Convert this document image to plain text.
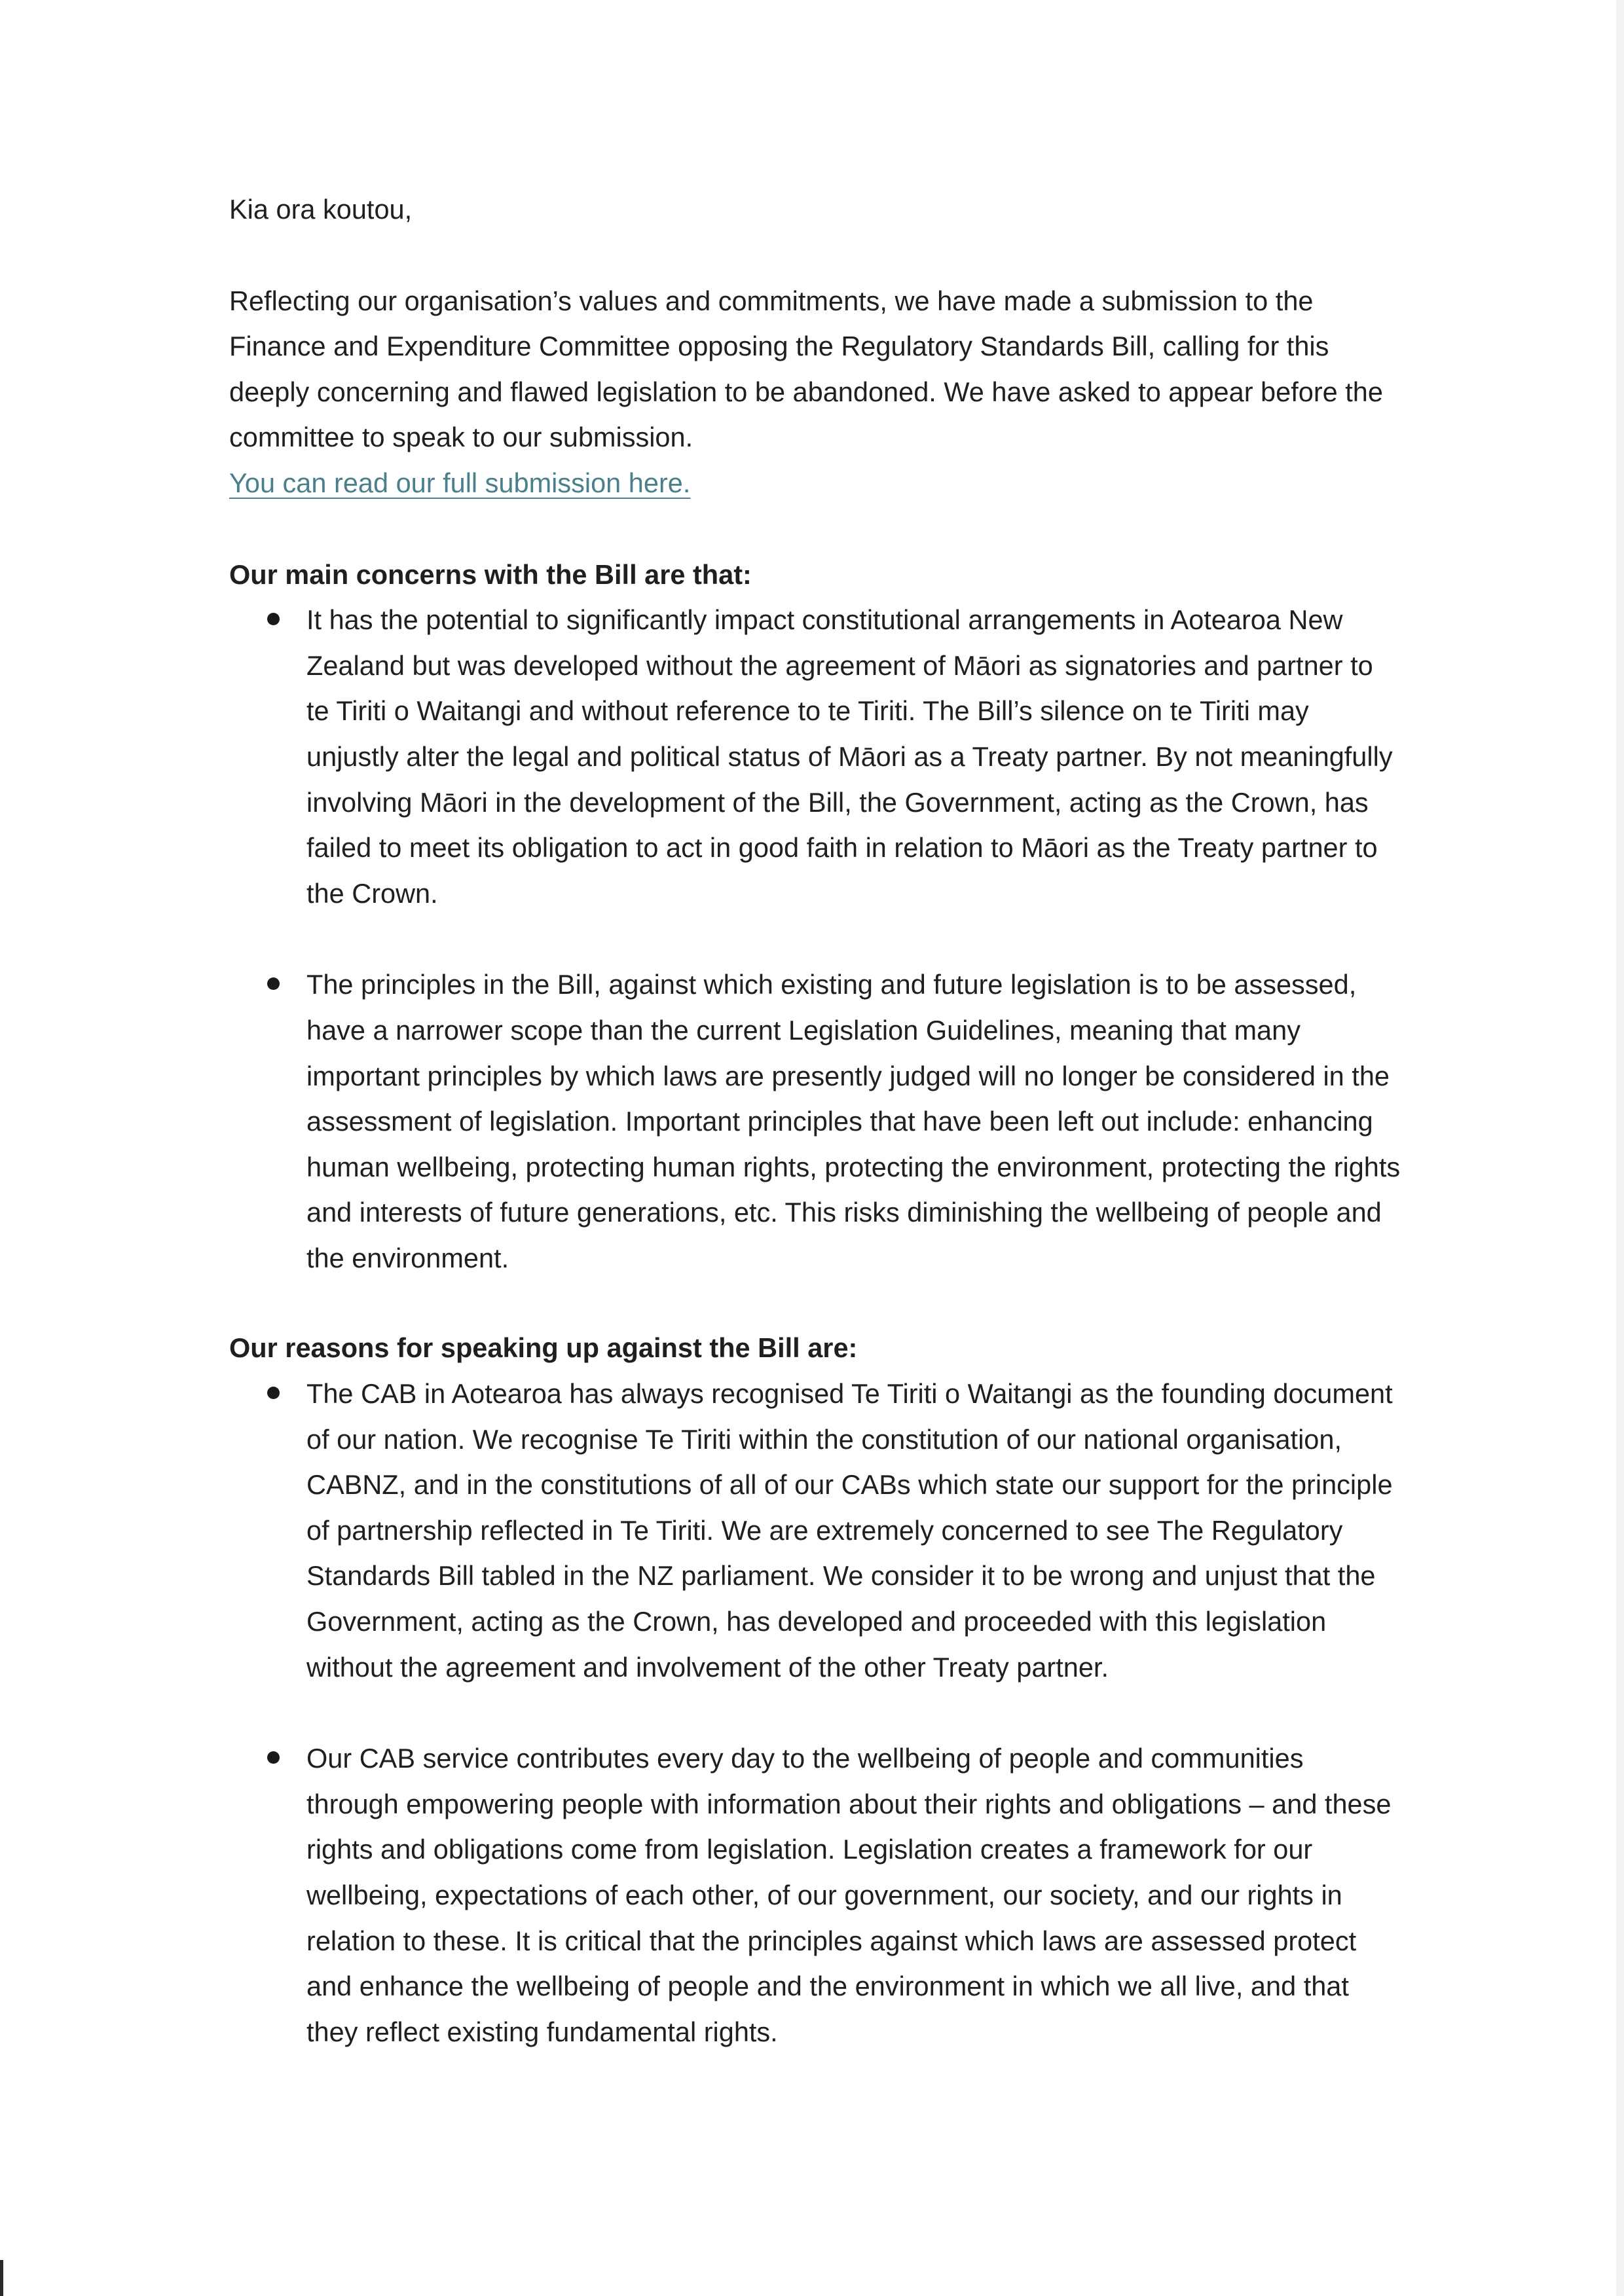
Kia ora koutou,

Reflecting our organisation’s values and commitments, we have made a submission to the Finance and Expenditure Committee opposing the Regulatory Standards Bill, calling for this deeply concerning and flawed legislation to be abandoned. We have asked to appear before the committee to speak to our submission.

You can read our full submission here.

Our main concerns with the Bill are that:

It has the potential to significantly impact constitutional arrangements in Aotearoa New Zealand but was developed without the agreement of Māori as signatories and partner to te Tiriti o Waitangi and without reference to te Tiriti. The Bill’s silence on te Tiriti may unjustly alter the legal and political status of Māori as a Treaty partner. By not meaningfully involving Māori in the development of the Bill, the Government, acting as the Crown, has failed to meet its obligation to act in good faith in relation to Māori as the Treaty partner to the Crown.
The principles in the Bill, against which existing and future legislation is to be assessed, have a narrower scope than the current Legislation Guidelines, meaning that many important principles by which laws are presently judged will no longer be considered in the assessment of legislation. Important principles that have been left out include: enhancing human wellbeing, protecting human rights, protecting the environment, protecting the rights and interests of future generations, etc. This risks diminishing the wellbeing of people and the environment.

Our reasons for speaking up against the Bill are:

The CAB in Aotearoa has always recognised Te Tiriti o Waitangi as the founding document of our nation. We recognise Te Tiriti within the constitution of our national organisation, CABNZ, and in the constitutions of all of our CABs which state our support for the principle of partnership reflected in Te Tiriti. We are extremely concerned to see The Regulatory Standards Bill tabled in the NZ parliament. We consider it to be wrong and unjust that the Government, acting as the Crown, has developed and proceeded with this legislation without the agreement and involvement of the other Treaty partner.
Our CAB service contributes every day to the wellbeing of people and communities through empowering people with information about their rights and obligations – and these rights and obligations come from legislation. Legislation creates a framework for our wellbeing, expectations of each other, of our government, our society, and our rights in relation to these. It is critical that the principles against which laws are assessed protect and enhance the wellbeing of people and the environment in which we all live, and that they reflect existing fundamental rights.
